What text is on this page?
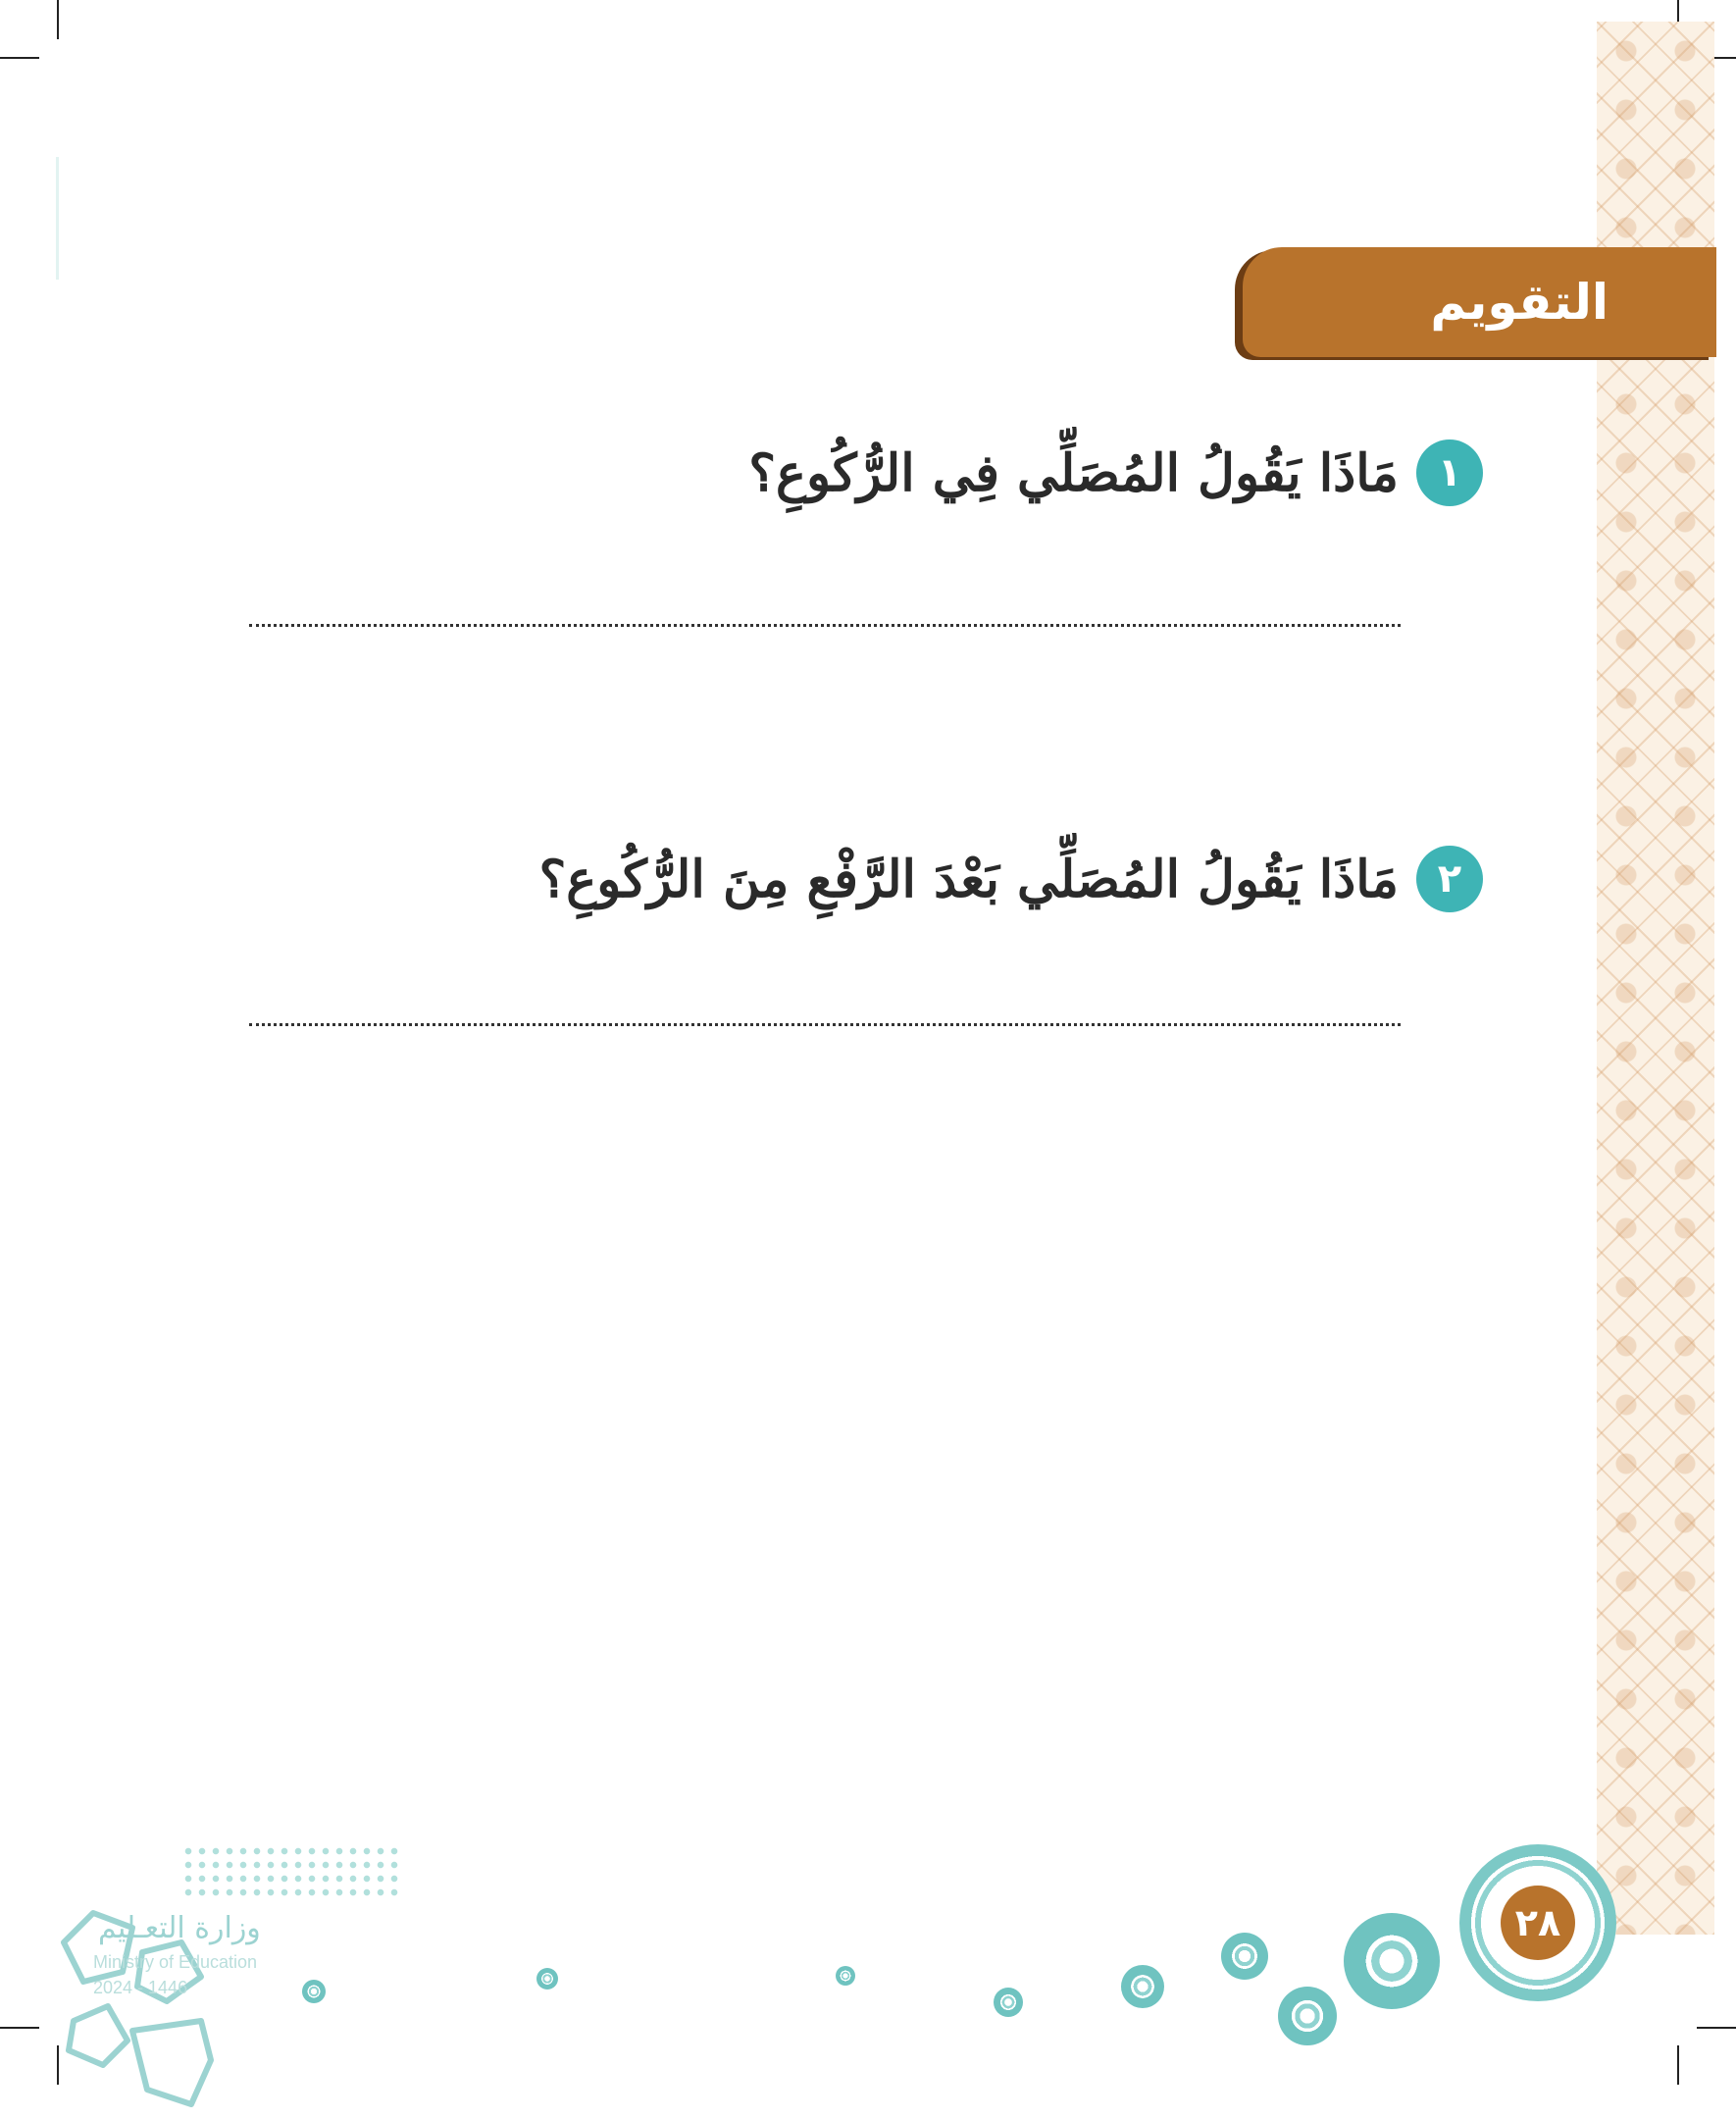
التقويم
١
مَاذَا يَقُولُ المُصَلِّي فِي الرُّكُوعِ؟
٢
مَاذَا يَقُولُ المُصَلِّي بَعْدَ الرَّفْعِ مِنَ الرُّكُوعِ؟
وزارة التعـليم
Ministry of Education
2024 - 1446
٢٨
